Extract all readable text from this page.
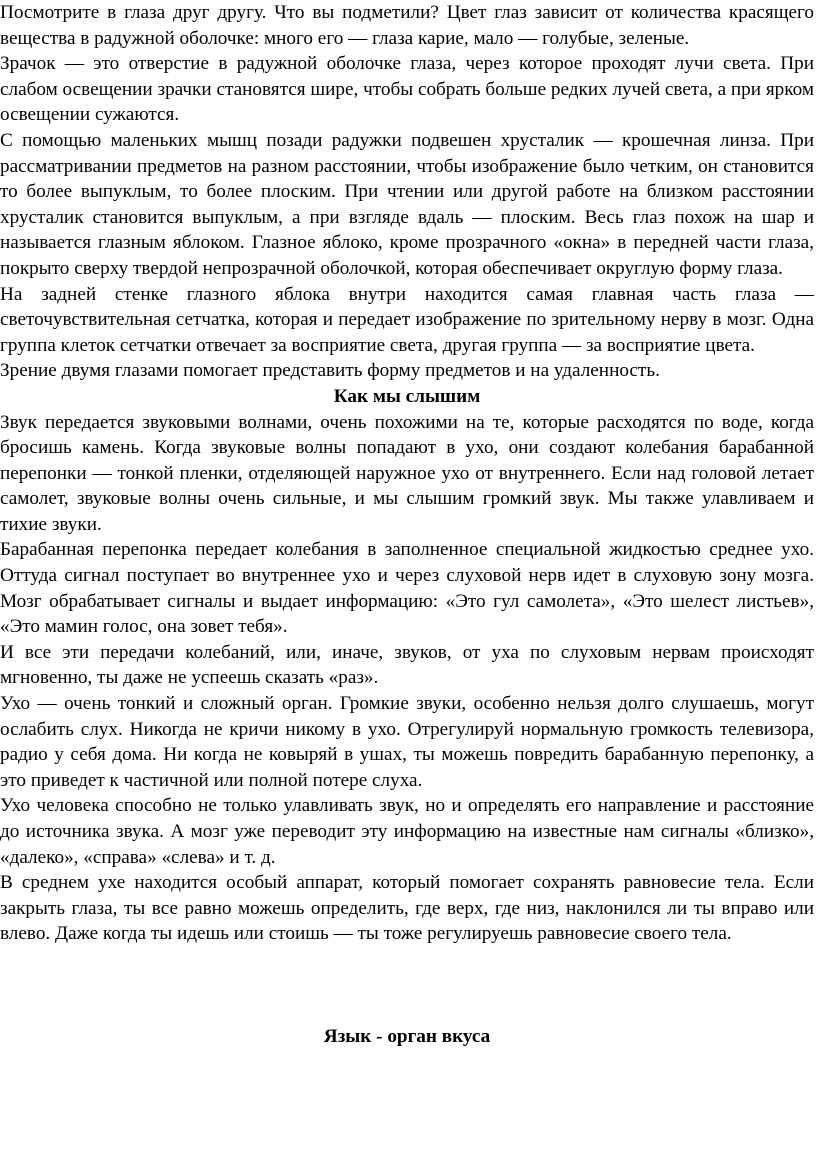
Посмотрите в глаза друг другу. Что вы подметили? Цвет глаз зависит от количества красящего вещества в радужной оболочке: много его — глаза карие, мало — голубые, зеленые.

Зрачок — это отверстие в радужной оболочке глаза, через которое проходят лучи света. При слабом освещении зрачки становятся шире, чтобы собрать больше редких лучей света, а при ярком освещении сужаются.

С помощью маленьких мышц позади радужки подвешен хрусталик — крошечная линза. При рассматривании предметов на разном расстоянии, чтобы изображение было четким, он становится то более выпуклым, то более плоским. При чтении или другой работе на близком расстоянии хрусталик становится выпуклым, а при взгляде вдаль — плоским. Весь глаз похож на шар и называется глазным яблоком. Глазное яблоко, кроме прозрачного «окна» в передней части глаза, покрыто сверху твердой непрозрачной оболочкой, которая обеспечивает округлую форму глаза.

На задней стенке глазного яблока внутри находится самая главная часть глаза — светочувствительная сетчатка, которая и передает изображение по зрительному нерву в мозг. Одна группа клеток сетчатки отвечает за восприятие света, другая группа — за восприятие цвета.

Зрение двумя глазами помогает представить форму предметов и на удаленность.

Как мы слышим

Звук передается звуковыми волнами, очень похожими на те, которые расходятся по воде, когда бросишь камень. Когда звуковые волны попадают в ухо, они создают колебания барабанной перепонки — тонкой пленки, отделяющей наружное ухо от внутреннего. Если над головой летает самолет, звуковые волны очень сильные, и мы слышим громкий звук. Мы также улавливаем и тихие звуки.

Барабанная перепонка передает колебания в заполненное специальной жидкостью среднее ухо. Оттуда сигнал поступает во внутреннее ухо и через слуховой нерв идет в слуховую зону мозга. Мозг обрабатывает сигналы и выдает информацию: «Это гул самолета», «Это шелест листьев», «Это мамин голос, она зовет тебя».

И все эти передачи колебаний, или, иначе, звуков, от уха по слуховым нервам происходят мгновенно, ты даже не успеешь сказать «раз».

Ухо — очень тонкий и сложный орган. Громкие звуки, особенно нельзя долго слушаешь, могут ослабить слух. Никогда не кричи никому в ухо. Отрегулируй нормальную громкость телевизора, радио у себя дома. Ни когда не ковыряй в ушах, ты можешь повредить барабанную перепонку, а это приведет к частичной или полной потере слуха.

Ухо человека способно не только улавливать звук, но и определять его направление и расстояние до источника звука. А мозг уже переводит эту информацию на известные нам сигналы «близко», «далеко», «справа» «слева» и т. д.

В среднем ухе находится особый аппарат, который помогает сохранять равновесие тела. Если закрыть глаза, ты все равно можешь определить, где верх, где низ, наклонился ли ты вправо или влево. Даже когда ты идешь или стоишь — ты тоже регулируешь равновесие своего тела.

Язык - орган вкуса
